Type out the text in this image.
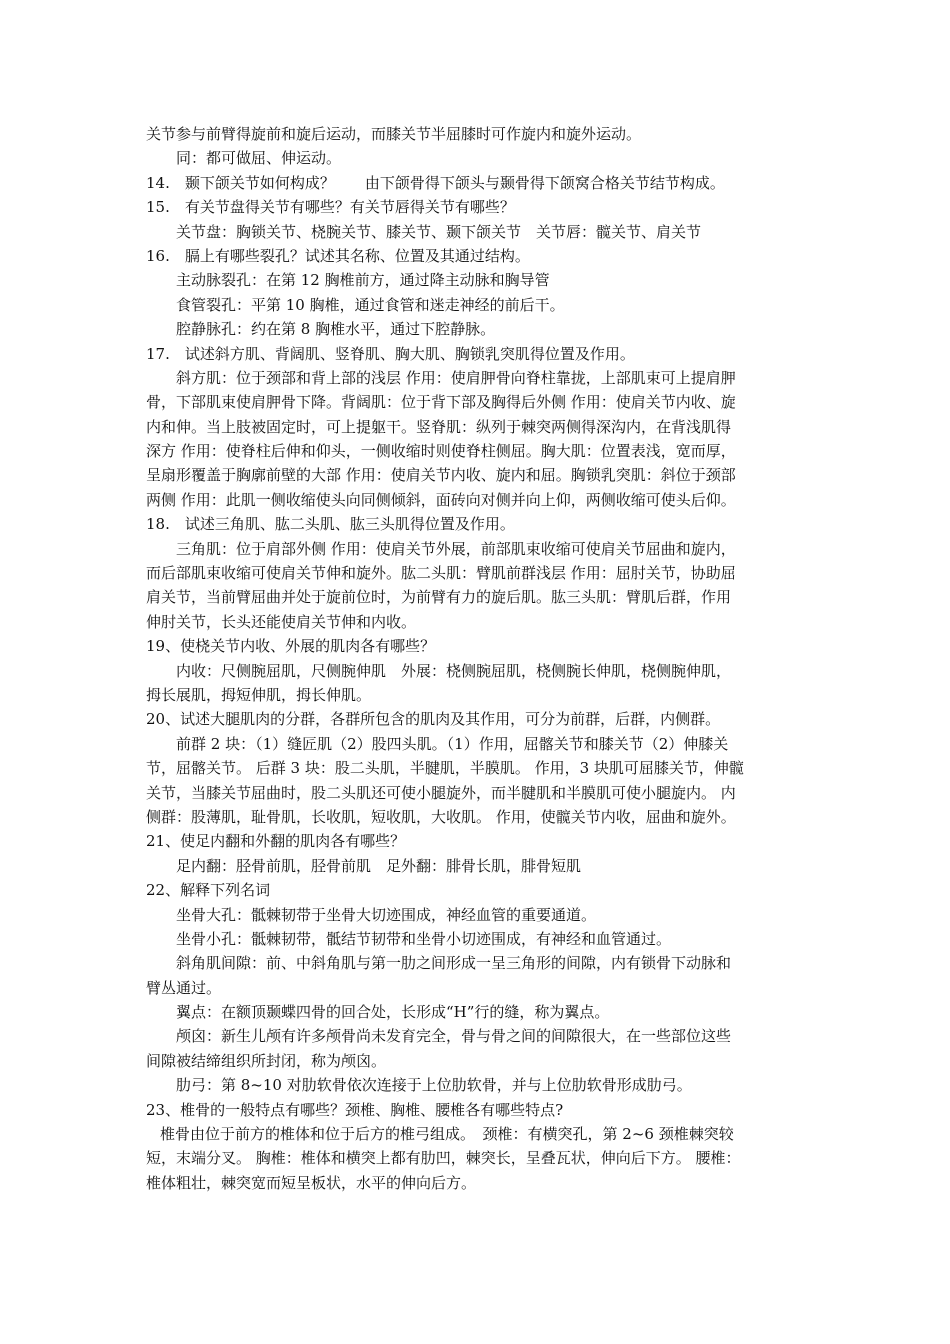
关节参与前臂得旋前和旋后运动，而膝关节半屈膝时可作旋内和旋外运动。
同：都可做屈、伸运动。
14.　颞下颌关节如何构成？　　由下颌骨得下颌头与颞骨得下颌窝合格关节结节构成。
15.　有关节盘得关节有哪些？有关节唇得关节有哪些？
关节盘：胸锁关节、桡腕关节、膝关节、颞下颌关节　关节唇：髋关节、肩关节
16.　膈上有哪些裂孔？试述其名称、位置及其通过结构。
主动脉裂孔：在第 12 胸椎前方，通过降主动脉和胸导管
食管裂孔：平第 10 胸椎，通过食管和迷走神经的前后干。
腔静脉孔：约在第 8 胸椎水平，通过下腔静脉。
17.　试述斜方肌、背阔肌、竖脊肌、胸大肌、胸锁乳突肌得位置及作用。
斜方肌：位于颈部和背上部的浅层 作用：使肩胛骨向脊柱靠拢，上部肌束可上提肩胛
骨，下部肌束使肩胛骨下降。背阔肌：位于背下部及胸得后外侧 作用：使肩关节内收、旋
内和伸。当上肢被固定时，可上提躯干。竖脊肌：纵列于棘突两侧得深沟内，在背浅肌得
深方 作用：使脊柱后伸和仰头，一侧收缩时则使脊柱侧屈。胸大肌：位置表浅，宽而厚，
呈扇形覆盖于胸廓前壁的大部 作用：使肩关节内收、旋内和屈。胸锁乳突肌：斜位于颈部
两侧 作用：此肌一侧收缩使头向同侧倾斜，面砖向对侧并向上仰，两侧收缩可使头后仰。
18.　试述三角肌、肱二头肌、肱三头肌得位置及作用。
三角肌：位于肩部外侧 作用：使肩关节外展，前部肌束收缩可使肩关节屈曲和旋内，
而后部肌束收缩可使肩关节伸和旋外。肱二头肌：臂肌前群浅层 作用：屈肘关节，协助屈
肩关节，当前臂屈曲并处于旋前位时，为前臂有力的旋后肌。肱三头肌：臂肌后群，作用
伸肘关节，长头还能使肩关节伸和内收。
19、使桡关节内收、外展的肌肉各有哪些？
内收：尺侧腕屈肌，尺侧腕伸肌　外展：桡侧腕屈肌，桡侧腕长伸肌，桡侧腕伸肌，
拇长展肌，拇短伸肌，拇长伸肌。
20、试述大腿肌肉的分群，各群所包含的肌肉及其作用，可分为前群，后群，内侧群。
前群 2 块：（1）缝匠肌（2）股四头肌。（1）作用，屈髂关节和膝关节（2）伸膝关
节，屈髂关节。 后群 3 块：股二头肌，半腱肌，半膜肌。 作用，3 块肌可屈膝关节，伸髋
关节，当膝关节屈曲时，股二头肌还可使小腿旋外，而半腱肌和半膜肌可使小腿旋内。 内
侧群：股薄肌，耻骨肌，长收肌，短收肌，大收肌。 作用，使髋关节内收，屈曲和旋外。
21、使足内翻和外翻的肌肉各有哪些？
足内翻：胫骨前肌，胫骨前肌　足外翻：腓骨长肌，腓骨短肌
22、解释下列名词
坐骨大孔：骶棘韧带于坐骨大切迹围成，神经血管的重要通道。
坐骨小孔：骶棘韧带，骶结节韧带和坐骨小切迹围成，有神经和血管通过。
斜角肌间隙：前、中斜角肌与第一肋之间形成一呈三角形的间隙，内有锁骨下动脉和
臂丛通过。
翼点：在额顶颞蝶四骨的回合处，长形成“H”行的缝，称为翼点。
颅囟：新生儿颅有许多颅骨尚未发育完全，骨与骨之间的间隙很大，在一些部位这些
间隙被结缔组织所封闭，称为颅囟。
肋弓：第 8~10 对肋软骨依次连接于上位肋软骨，并与上位肋软骨形成肋弓。
23、椎骨的一般特点有哪些？颈椎、胸椎、腰椎各有哪些特点?
椎骨由位于前方的椎体和位于后方的椎弓组成。　颈椎：有横突孔，第 2~6 颈椎棘突较
短，末端分叉。 胸椎：椎体和横突上都有肋凹，棘突长，呈叠瓦状，伸向后下方。 腰椎：
椎体粗壮，棘突宽而短呈板状，水平的伸向后方。
